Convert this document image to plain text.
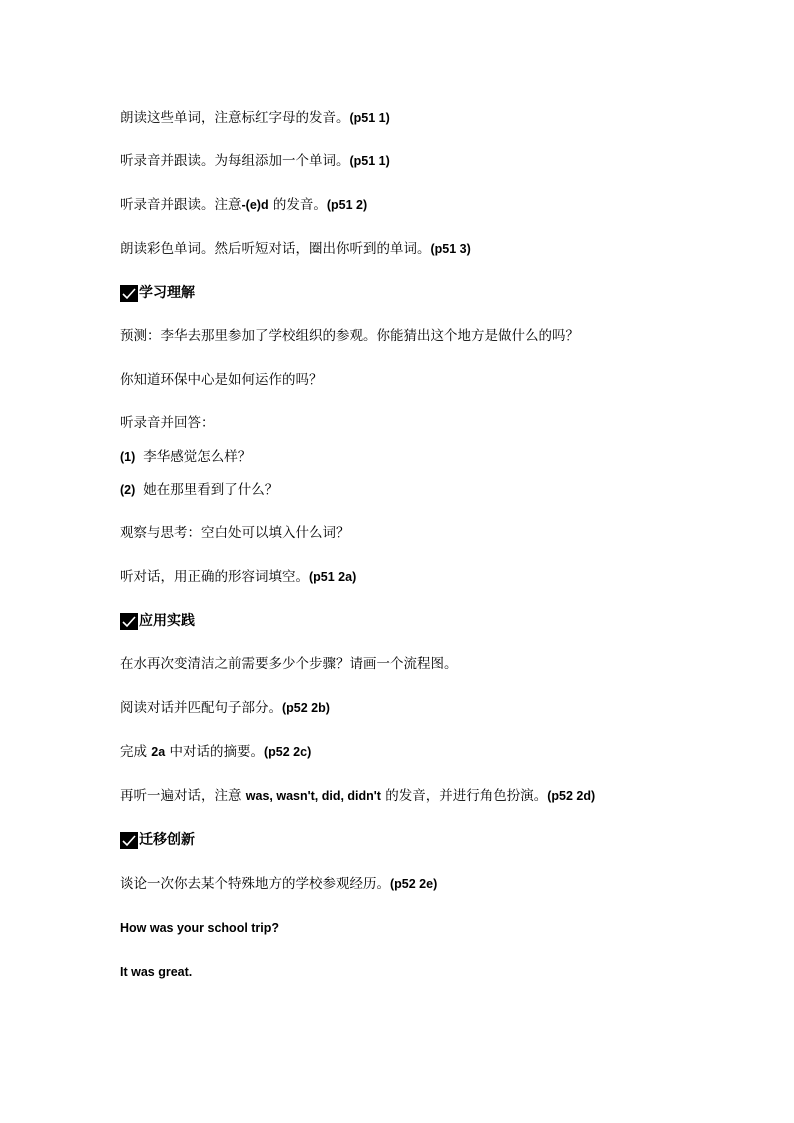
朗读这些单词，注意标红字母的发音。(p51 1)
听录音并跟读。为每组添加一个单词。(p51 1)
听录音并跟读。注意-(e)d 的发音。(p51 2)
朗读彩色单词。然后听短对话，圈出你听到的单词。(p51 3)
学习理解
预测：李华去那里参加了学校组织的参观。你能猜出这个地方是做什么的吗？
你知道环保中心是如何运作的吗？
听录音并回答：
(1) 李华感觉怎么样？
(2) 她在那里看到了什么？
观察与思考：空白处可以填入什么词？
听对话，用正确的形容词填空。(p51 2a)
应用实践
在水再次变清洁之前需要多少个步骤？请画一个流程图。
阅读对话并匹配句子部分。(p52 2b)
完成 2a 中对话的摘要。(p52 2c)
再听一遍对话，注意 was, wasn't, did, didn't 的发音，并进行角色扮演。(p52 2d)
迁移创新
谈论一次你去某个特殊地方的学校参观经历。(p52 2e)
How was your school trip?
It was great.
